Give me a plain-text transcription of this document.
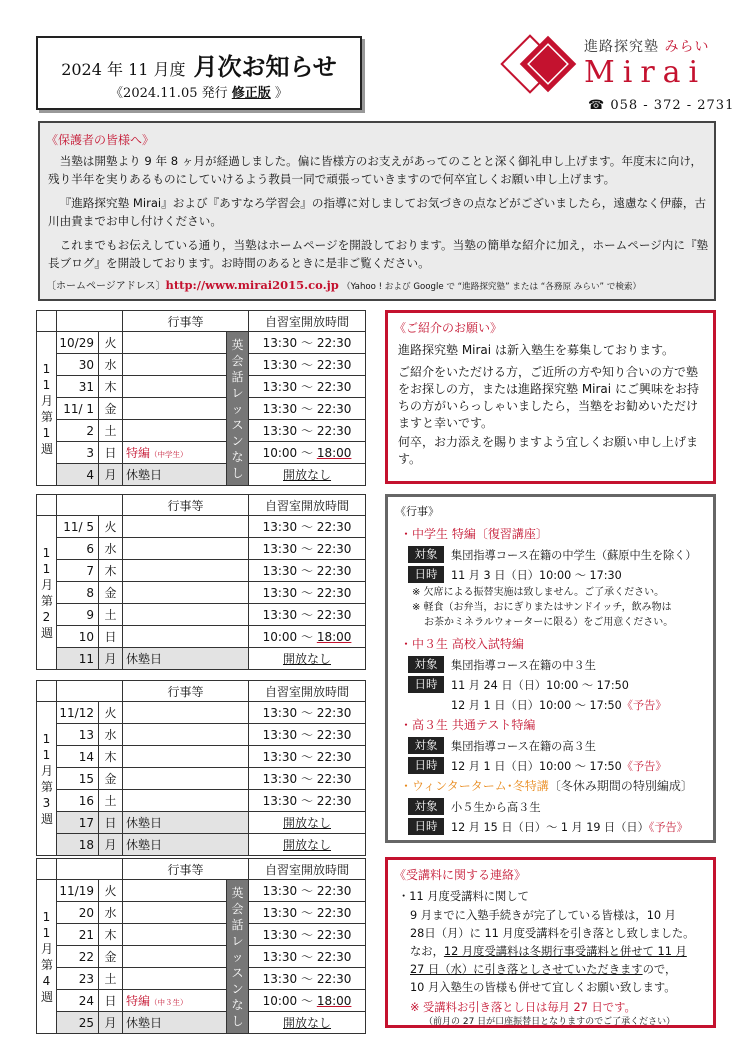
2024 年 11 月度 月次お知らせ
《2024.11.05 発行 修正版 》
進路探究塾 みらい
Mirai
☎ 058 - 372 - 2731
《保護者の皆様へ》
当塾は開塾より 9 年 8 ヶ月が経過しました。偏に皆様方のお支えがあってのことと深く御礼申し上げます。年度末に向け，残り半年を実りあるものにしていけるよう教員一同で頑張っていきますので何卒宜しくお願い申し上げます。
『進路探究塾 Mirai』および『あすなろ学習会』の指導に対しましてお気づきの点などがございましたら，遠慮なく伊藤，古川由貴までお申し付けください。
これまでもお伝えしている通り，当塾はホームページを開設しております。当塾の簡単な紹介に加え，ホームページ内に『塾長ブログ』を開設しております。お時間のあるときに是非ご覧ください。
〔ホームページアドレス〕http://www.mirai2015.co.jp （Yahoo ! および Google で “進路探究塾” または “各務原 みらい” で検索）
			行事等		自習室開放時間
11月第1週	10/29	火		英会話レッスンなし	13:30 ～ 22:30
	30	水			13:30 ～ 22:30
	31	木			13:30 ～ 22:30
	11/ 1	金			13:30 ～ 22:30
	2	土			13:30 ～ 22:30
	3	日	特編（中学生）		10:00 ～ 18:00
	4	月	休塾日		開放なし
			行事等	自習室開放時間
11月第2週	11/ 5	火		13:30 ～ 22:30
	6	水		13:30 ～ 22:30
	7	木		13:30 ～ 22:30
	8	金		13:30 ～ 22:30
	9	土		13:30 ～ 22:30
	10	日		10:00 ～ 18:00
	11	月	休塾日	開放なし
			行事等	自習室開放時間
11月第3週	11/12	火		13:30 ～ 22:30
	13	水		13:30 ～ 22:30
	14	木		13:30 ～ 22:30
	15	金		13:30 ～ 22:30
	16	土		13:30 ～ 22:30
	17	日	休塾日	開放なし
	18	月	休塾日	開放なし
			行事等		自習室開放時間
11月第4週	11/19	火		英会話レッスンなし	13:30 ～ 22:30
	20	水			13:30 ～ 22:30
	21	木			13:30 ～ 22:30
	22	金			13:30 ～ 22:30
	23	土			13:30 ～ 22:30
	24	日	特編（中３生）		10:00 ～ 18:00
	25	月	休塾日		開放なし
《ご紹介のお願い》
進路探究塾 Mirai は新入塾生を募集しております。
ご紹介をいただける方，ご近所の方や知り合いの方で塾をお探しの方，または進路探究塾 Mirai にご興味をお持ちの方がいらっしゃいましたら，当塾をお勧めいただけますと幸いです。
何卒，お力添えを賜りますよう宜しくお願い申し上げます。
《行事》
・中学生 特編〔復習講座〕
対象	集団指導コース在籍の中学生（蘇原中生を除く）
日時	11 月 3 日（日）10:00 ～ 17:30
※ 欠席による振替実施は致しません。ご了承ください。
※ 軽食（お弁当，おにぎりまたはサンドイッチ，飲み物は
お茶かミネラルウォーターに限る）をご用意ください。
・中３生 高校入試特編
対象	集団指導コース在籍の中３生
日時	11 月 24 日（日）10:00 ～ 17:50
12 月 1 日（日）10:00 ～ 17:50《予告》
・高３生 共通テスト特編
対象	集団指導コース在籍の高３生
日時	12 月 1 日（日）10:00 ～ 17:50《予告》
・ウィンターターム･冬特講〔冬休み期間の特別編成〕
対象	小５生から高３生
日時	12 月 15 日（日）～ 1 月 19 日（日）《予告》
《受講料に関する連絡》
・11 月度受講料に関して
9 月までに入塾手続きが完了している皆様は，10 月
28日（月）に 11 月度受講料を引き落とし致しました。
なお，12 月度受講料は冬期行事受講料と併せて 11 月
27 日（水）に引き落としさせていただきますので，
10 月入塾生の皆様も併せて宜しくお願い致します。
※ 受講料お引き落とし日は毎月 27 日です。
（前月の 27 日が口座振替日となりますのでご了承ください）
